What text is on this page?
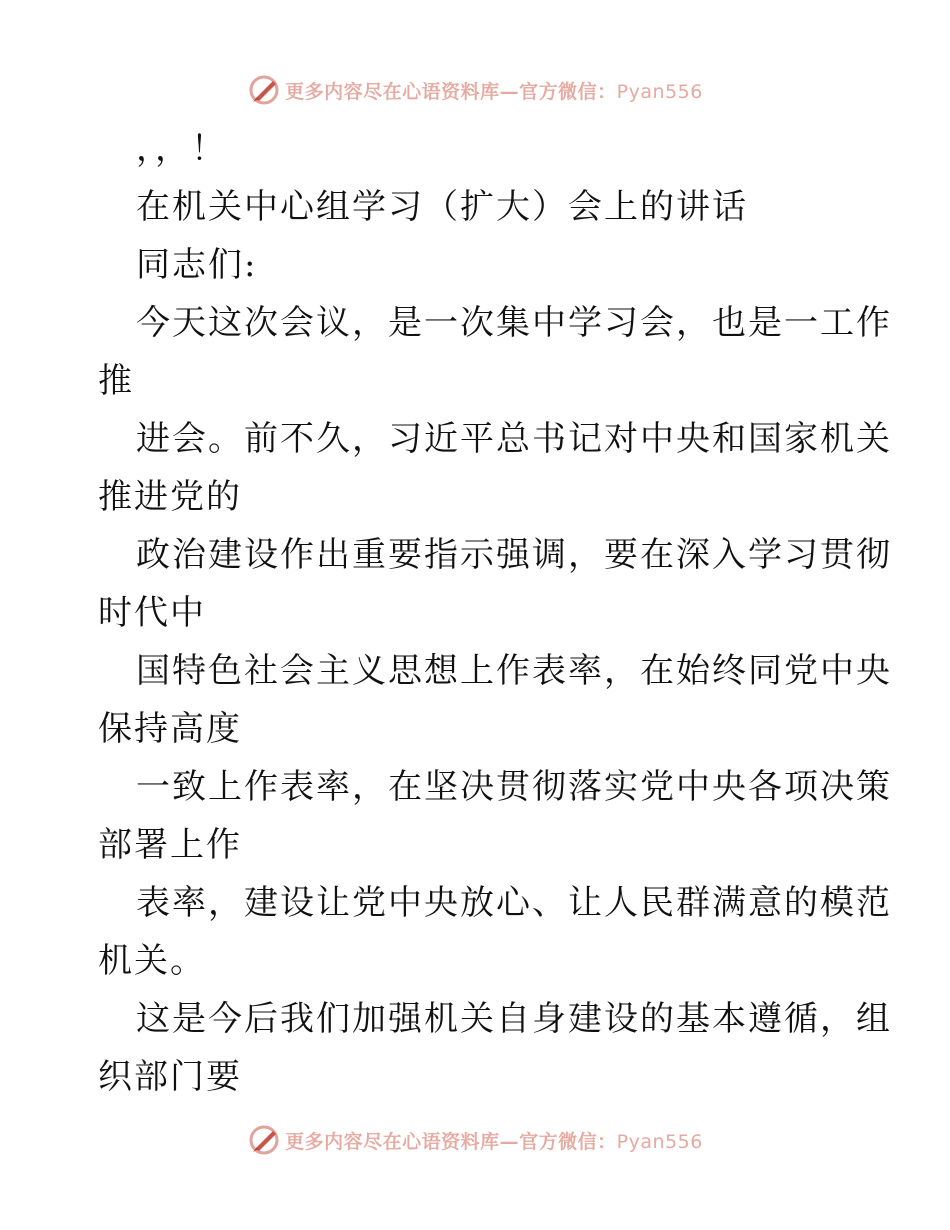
更多内容尽在心语资料库—官方微信：Pyan556
，，！
在机关中心组学习（扩大）会上的讲话
同志们:
今天这次会议，是一次集中学习会，也是一工作
推
进会。前不久，习近平总书记对中央和国家机关
推进党的
政治建设作出重要指示强调，要在深入学习贯彻
时代中
国特色社会主义思想上作表率，在始终同党中央
保持高度
一致上作表率，在坚决贯彻落实党中央各项决策
部署上作
表率，建设让党中央放心、让人民群满意的模范
机关。
这是今后我们加强机关自身建设的基本遵循，组
织部门要
更多内容尽在心语资料库—官方微信：Pyan556
